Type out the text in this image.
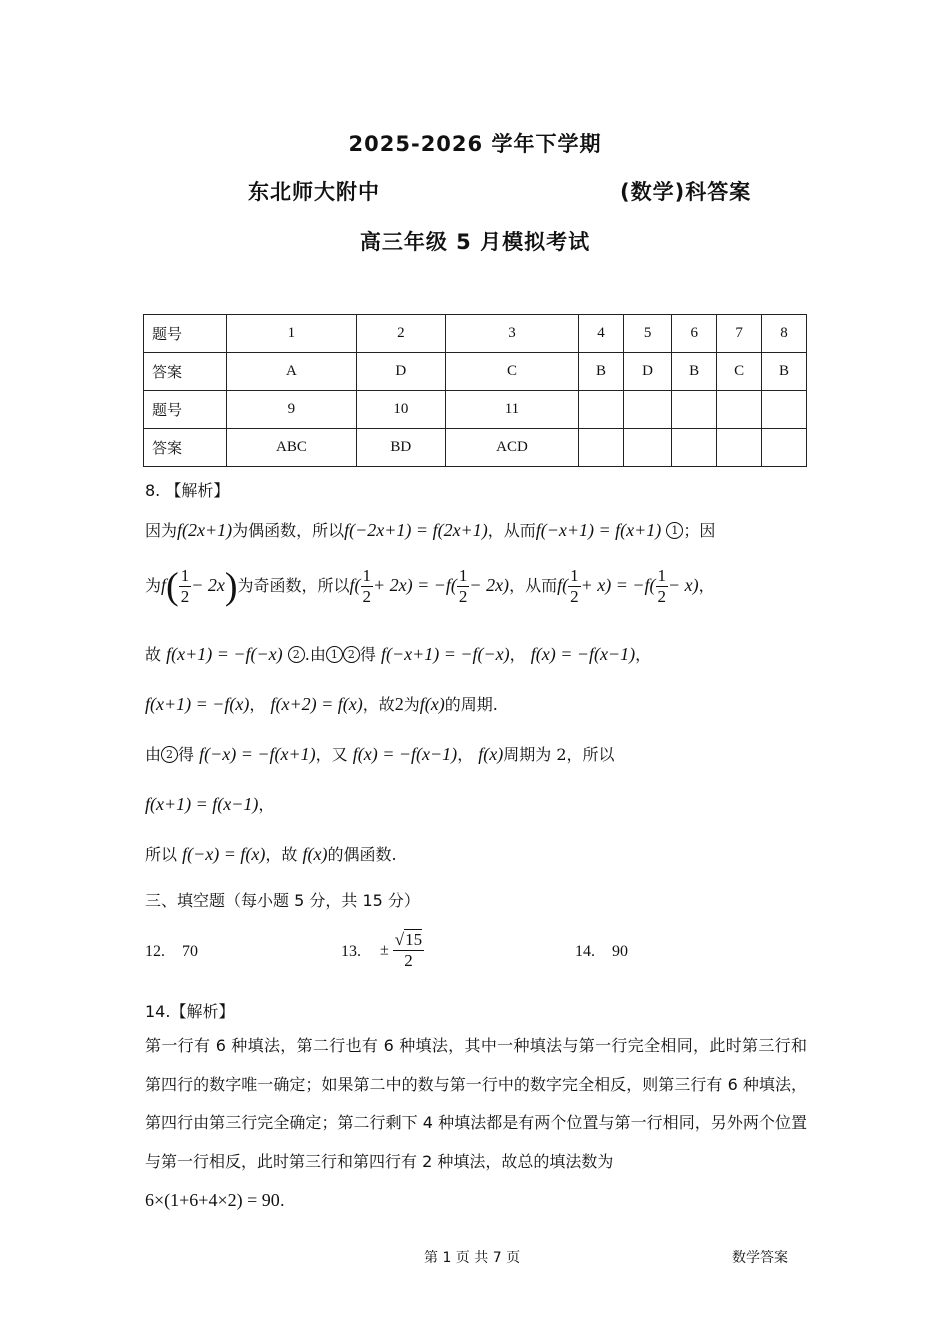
2025-2026 学年下学期
东北师大附中	(数学)科答案
高三年级 5 月模拟考试
题号	1	2	3	4	5	6	7	8
答案	A	D	C	B	D	B	C	B
题号	9	10	11					
答案	ABC	BD	ACD					
8. 【解析】
因为f(2x+1)为偶函数，所以f(−2x+1) = f(2x+1)，从而f(−x+1) = f(x+1) 1 ；因
为$f( \frac{1}{2} - 2x)$为奇函数，所以$f( \frac{1}{2} + 2x) = -f( \frac{1}{2} - 2x)$，从而$f( \frac{1}{2} + x) = -f( \frac{1}{2} - x)$，
故 f(x+1) = −f(−x) 2 .由 1 2 得 f(−x+1) = −f(−x)， f(x) = −f(x−1)，
f(x+1) = −f(x)， f(x+2) = f(x)，故2为f(x)的周期.
由 2 得 f(−x) = −f(x+1)，又 f(x) = −f(x−1)， f(x)周期为 2，所以
f(x+1) = f(x−1)，
所以 f(−x) = f(x)，故 f(x)的偶函数.
三、填空题（每小题 5 分，共 15 分）
12. 70	13. ± $\frac{√15}{2}$	14. 90
14.【解析】
第一行有 6 种填法，第二行也有 6 种填法，其中一种填法与第一行完全相同，此时第三行和第四行的数字唯一确定；如果第二中的数与第一行中的数字完全相反，则第三行有 6 种填法，第四行由第三行完全确定；第二行剩下 4 种填法都是有两个位置与第一行相同，另外两个位置与第一行相反，此时第三行和第四行有 2 种填法，故总的填法数为
6×(1+6+4×2) = 90.
第 1 页 共 7 页	数学答案
